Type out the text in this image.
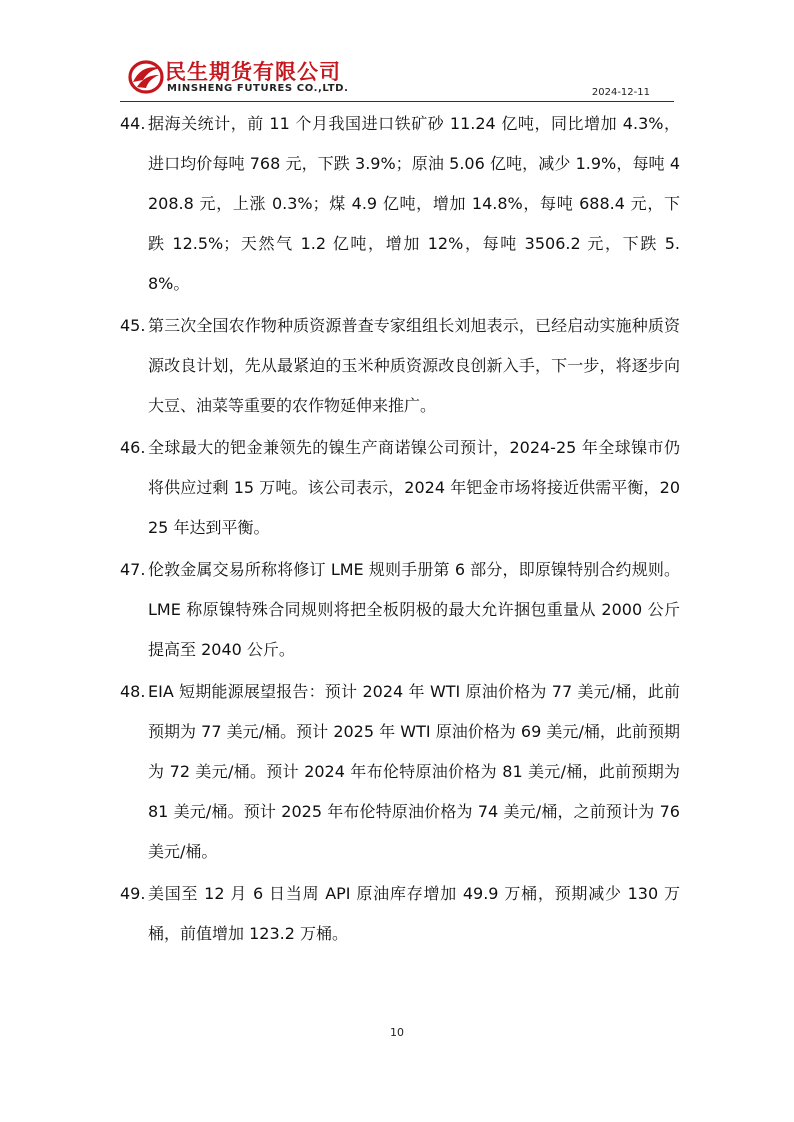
民生期货有限公司
MINSHENG FUTURES CO.,LTD.	2024-12-11
44. 据海关统计，前 11 个月我国进口铁矿砂 11.24 亿吨，同比增加 4.3%，进口均价每吨 768 元，下跌 3.9%；原油 5.06 亿吨，减少 1.9%，每吨 4208.8 元，上涨 0.3%；煤 4.9 亿吨，增加 14.8%，每吨 688.4 元，下跌 12.5%；天然气 1.2 亿吨，增加 12%，每吨 3506.2 元，下跌 5.8%。
45. 第三次全国农作物种质资源普查专家组组长刘旭表示，已经启动实施种质资源改良计划，先从最紧迫的玉米种质资源改良创新入手，下一步，将逐步向大豆、油菜等重要的农作物延伸来推广。
46. 全球最大的钯金兼领先的镍生产商诺镍公司预计，2024-25 年全球镍市仍将供应过剩 15 万吨。该公司表示，2024 年钯金市场将接近供需平衡，2025 年达到平衡。
47. 伦敦金属交易所称将修订 LME 规则手册第 6 部分，即原镍特别合约规则。LME 称原镍特殊合同规则将把全板阴极的最大允许捆包重量从 2000 公斤提高至 2040 公斤。
48. EIA 短期能源展望报告：预计 2024 年 WTI 原油价格为 77 美元/桶，此前预期为 77 美元/桶。预计 2025 年 WTI 原油价格为 69 美元/桶，此前预期为 72 美元/桶。预计 2024 年布伦特原油价格为 81 美元/桶，此前预期为 81 美元/桶。预计 2025 年布伦特原油价格为 74 美元/桶，之前预计为 76 美元/桶。
49. 美国至 12 月 6 日当周 API 原油库存增加 49.9 万桶，预期减少 130 万桶，前值增加 123.2 万桶。
10
